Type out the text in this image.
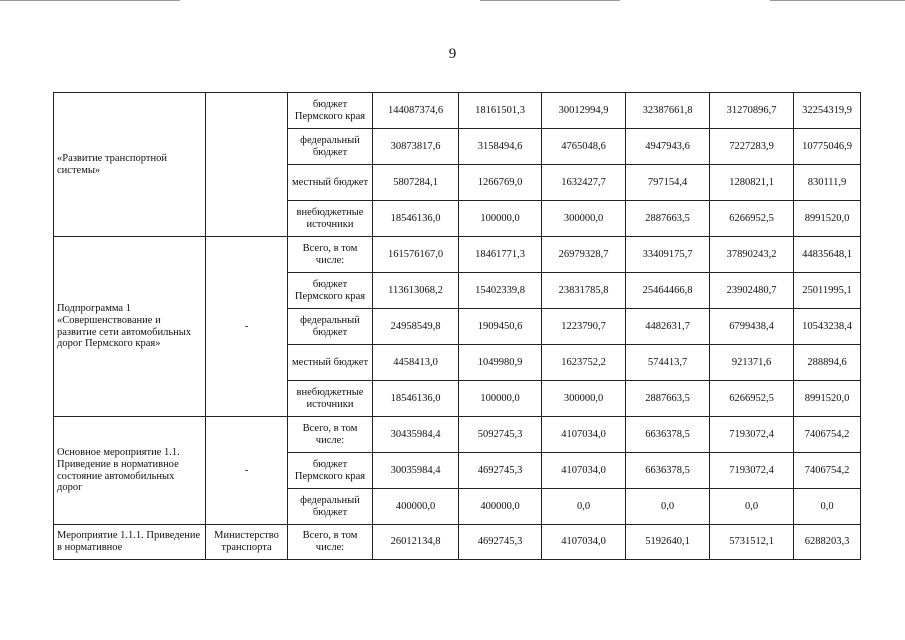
9
«Развитие транспортной системы»		бюджет Пермского края	144087374,6	18161501,3	30012994,9	32387661,8	31270896,7	32254319,9
		федеральный бюджет	30873817,6	3158494,6	4765048,6	4947943,6	7227283,9	10775046,9
		местный бюджет	5807284,1	1266769,0	1632427,7	797154,4	1280821,1	830111,9
		внебюджетные источники	18546136,0	100000,0	300000,0	2887663,5	6266952,5	8991520,0
Подпрограмма 1 «Совершенствование и развитие сети автомобильных дорог Пермского края»	-	Всего, в том числе:	161576167,0	18461771,3	26979328,7	33409175,7	37890243,2	44835648,1
		бюджет Пермского края	113613068,2	15402339,8	23831785,8	25464466,8	23902480,7	25011995,1
		федеральный бюджет	24958549,8	1909450,6	1223790,7	4482631,7	6799438,4	10543238,4
		местный бюджет	4458413,0	1049980,9	1623752,2	574413,7	921371,6	288894,6
		внебюджетные источники	18546136,0	100000,0	300000,0	2887663,5	6266952,5	8991520,0
Основное мероприятие 1.1. Приведение в нормативное состояние автомобильных дорог	-	Всего, в том числе:	30435984,4	5092745,3	4107034,0	6636378,5	7193072,4	7406754,2
		бюджет Пермского края	30035984,4	4692745,3	4107034,0	6636378,5	7193072,4	7406754,2
		федеральный бюджет	400000,0	400000,0	0,0	0,0	0,0	0,0
Мероприятие 1.1.1. Приведение в нормативное	Министерство транспорта	Всего, в том числе:	26012134,8	4692745,3	4107034,0	5192640,1	5731512,1	6288203,3
